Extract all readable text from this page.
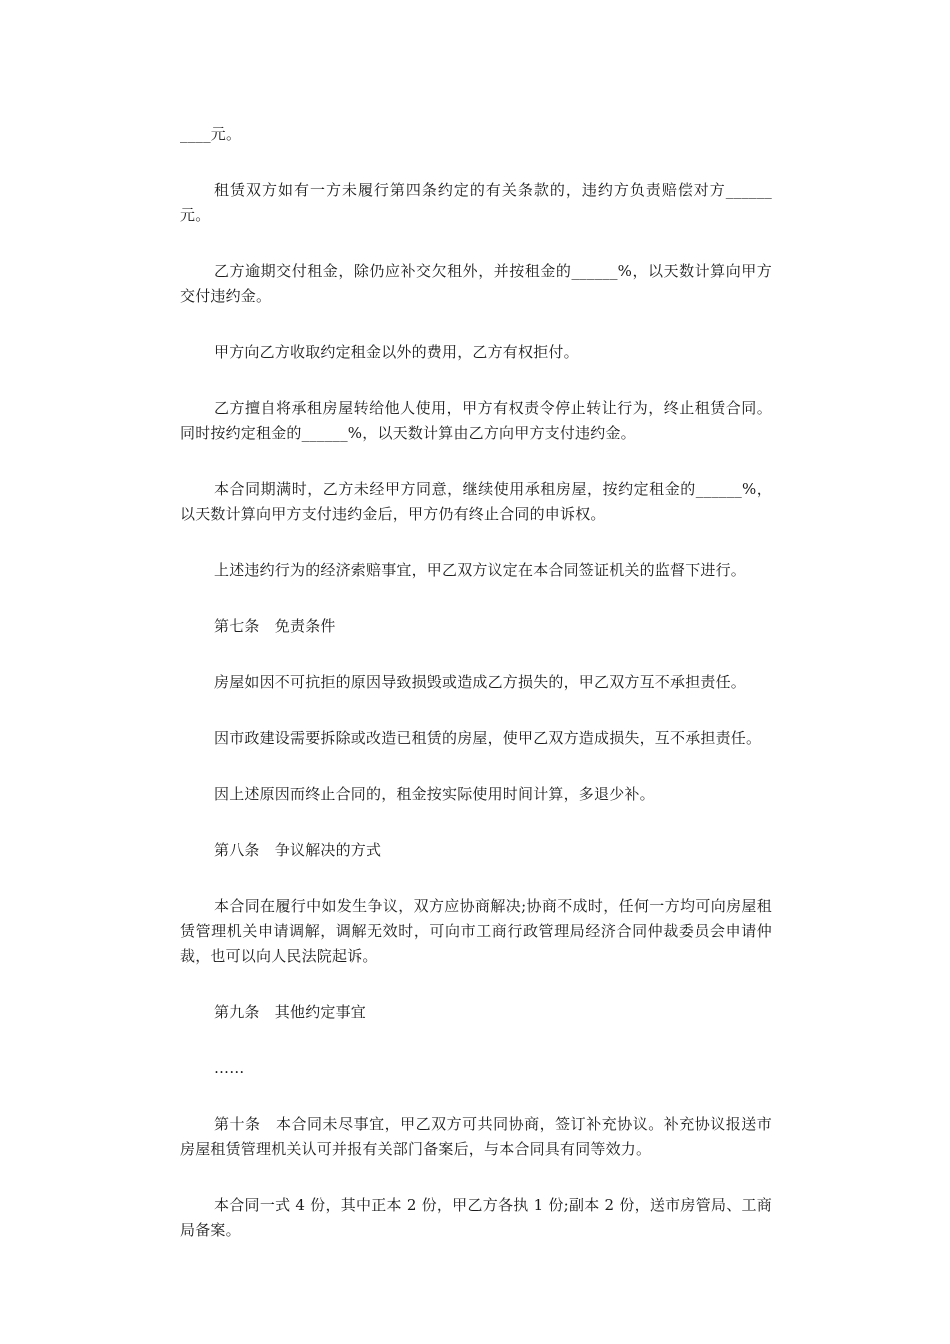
____元。

租赁双方如有一方未履行第四条约定的有关条款的，违约方负责赔偿对方______元。

乙方逾期交付租金，除仍应补交欠租外，并按租金的______%，以天数计算向甲方交付违约金。

甲方向乙方收取约定租金以外的费用，乙方有权拒付。

乙方擅自将承租房屋转给他人使用，甲方有权责令停止转让行为，终止租赁合同。同时按约定租金的______%，以天数计算由乙方向甲方支付违约金。

本合同期满时，乙方未经甲方同意，继续使用承租房屋，按约定租金的______%，以天数计算向甲方支付违约金后，甲方仍有终止合同的申诉权。

上述违约行为的经济索赔事宜，甲乙双方议定在本合同签证机关的监督下进行。

第七条　免责条件

房屋如因不可抗拒的原因导致损毁或造成乙方损失的，甲乙双方互不承担责任。

因市政建设需要拆除或改造已租赁的房屋，使甲乙双方造成损失，互不承担责任。

因上述原因而终止合同的，租金按实际使用时间计算，多退少补。

第八条　争议解决的方式

本合同在履行中如发生争议，双方应协商解决;协商不成时，任何一方均可向房屋租赁管理机关申请调解，调解无效时，可向市工商行政管理局经济合同仲裁委员会申请仲裁，也可以向人民法院起诉。

第九条　其他约定事宜

……

第十条　本合同未尽事宜，甲乙双方可共同协商，签订补充协议。补充协议报送市房屋租赁管理机关认可并报有关部门备案后，与本合同具有同等效力。

本合同一式 4 份，其中正本 2 份，甲乙方各执 1 份;副本 2 份，送市房管局、工商局备案。
